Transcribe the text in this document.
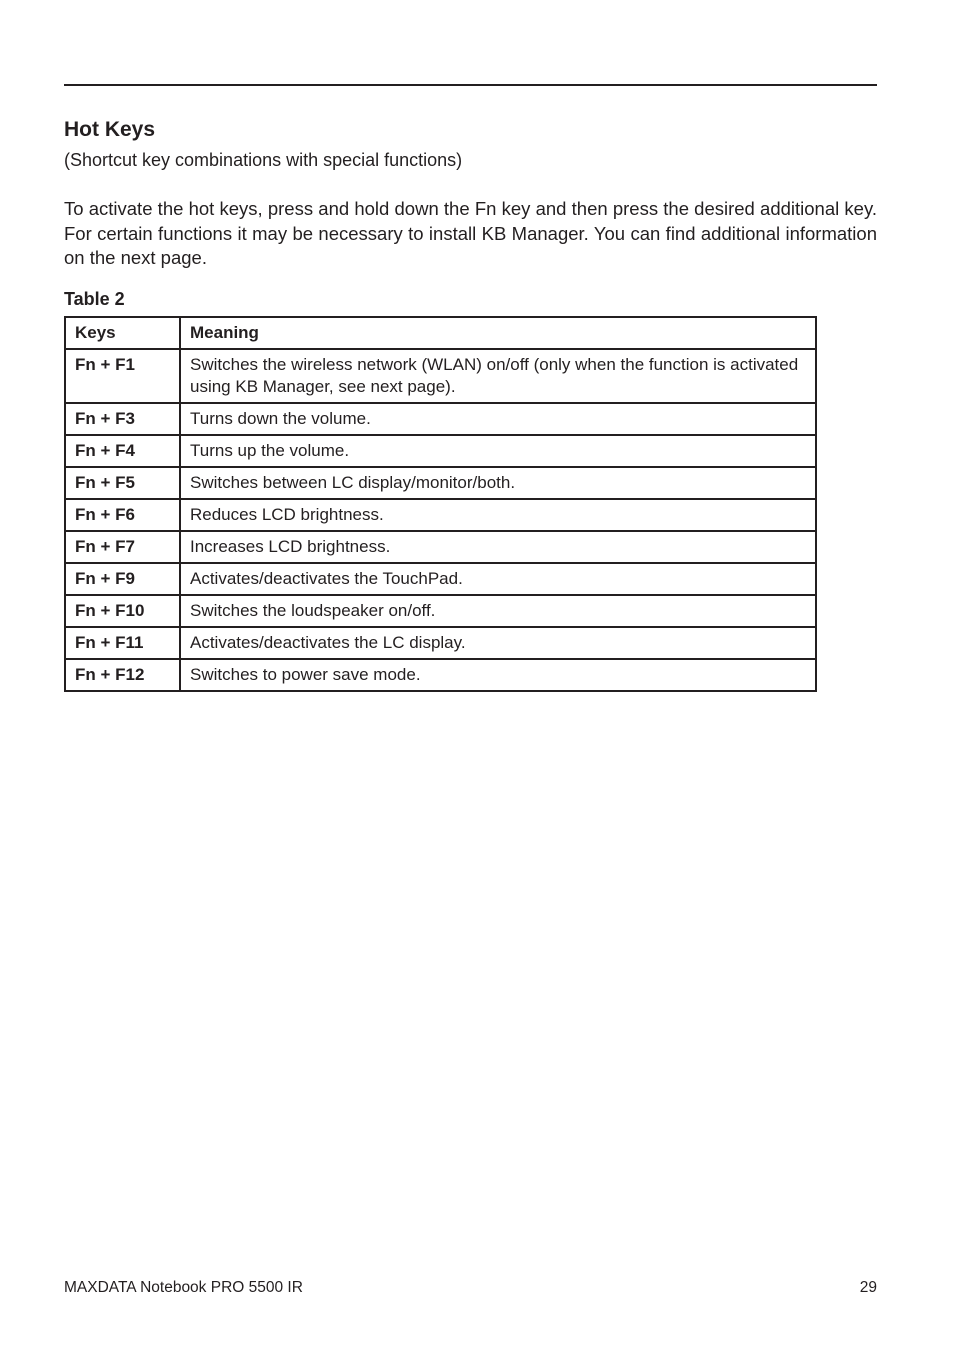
Hot Keys

(Shortcut key combinations with special functions)

To activate the hot keys, press and hold down the Fn key and then press the desired additional key. For certain functions it may be necessary to install KB Manager. You can find additional information on the next page.

Table 2

Keys	Meaning
Fn + F1	Switches the wireless network (WLAN) on/off (only when the function is activated using KB Manager, see next page).
Fn + F3	Turns down the volume.
Fn + F4	Turns up the volume.
Fn + F5	Switches between LC display/monitor/both.
Fn + F6	Reduces LCD brightness.
Fn + F7	Increases LCD brightness.
Fn + F9	Activates/deactivates the TouchPad.
Fn + F10	Switches the loudspeaker on/off.
Fn + F11	Activates/deactivates the LC display.
Fn + F12	Switches to power save mode.
MAXDATA Notebook PRO 5500 IR	29
